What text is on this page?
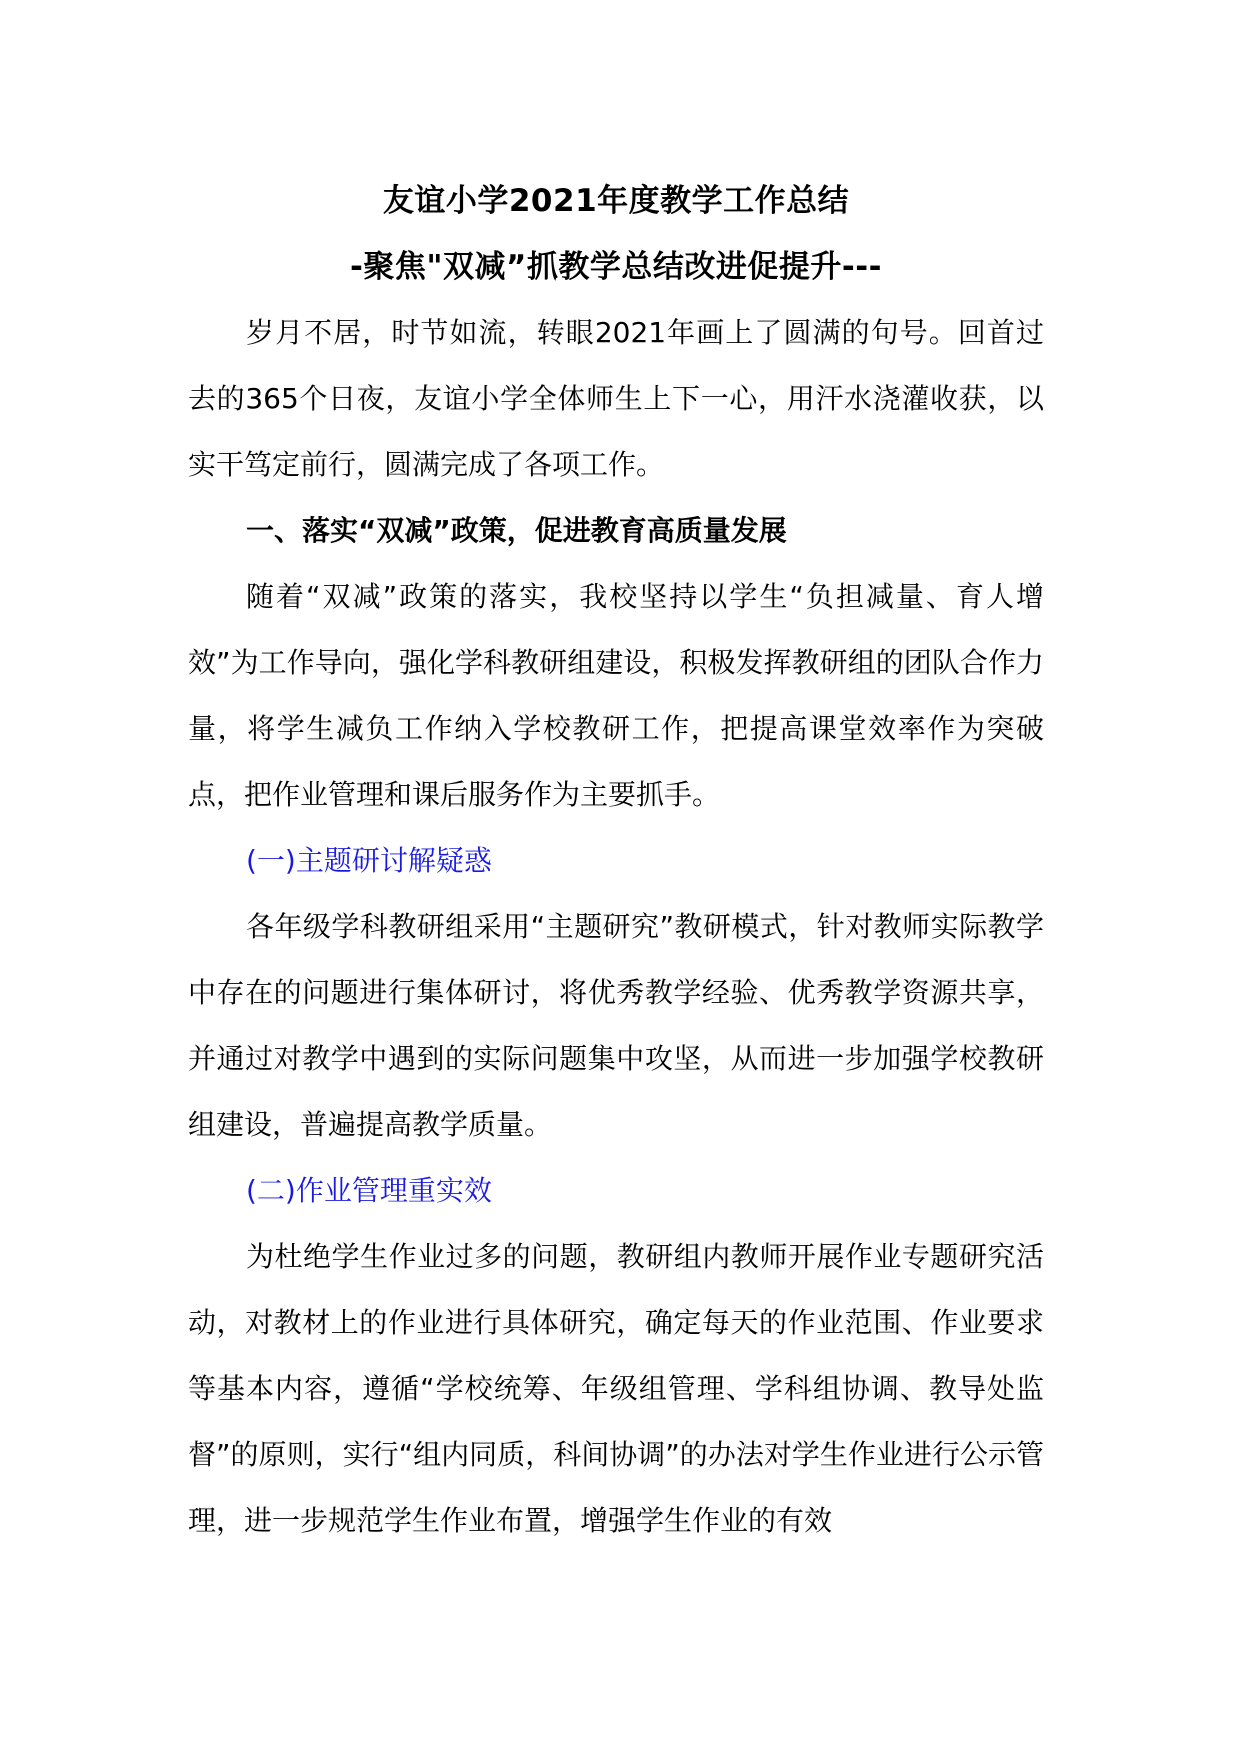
友谊小学2021年度教学工作总结
-聚焦"双减”抓教学总结改进促提升---

岁月不居，时节如流，转眼2021年画上了圆满的句号。回首过去的365个日夜，友谊小学全体师生上下一心，用汗水浇灌收获，以实干笃定前行，圆满完成了各项工作。

一、落实“双减”政策，促进教育高质量发展

随着“双减”政策的落实，我校坚持以学生“负担减量、育人增效”为工作导向，强化学科教研组建设，积极发挥教研组的团队合作力量，将学生减负工作纳入学校教研工作，把提高课堂效率作为突破点，把作业管理和课后服务作为主要抓手。

(一)主题研讨解疑惑

各年级学科教研组采用“主题研究”教研模式，针对教师实际教学中存在的问题进行集体研讨，将优秀教学经验、优秀教学资源共享，并通过对教学中遇到的实际问题集中攻坚，从而进一步加强学校教研组建设，普遍提高教学质量。

(二)作业管理重实效

为杜绝学生作业过多的问题，教研组内教师开展作业专题研究活动，对教材上的作业进行具体研究，确定每天的作业范围、作业要求等基本内容，遵循“学校统筹、年级组管理、学科组协调、教导处监督”的原则，实行“组内同质，科间协调”的办法对学生作业进行公示管理，进一步规范学生作业布置，增强学生作业的有效
